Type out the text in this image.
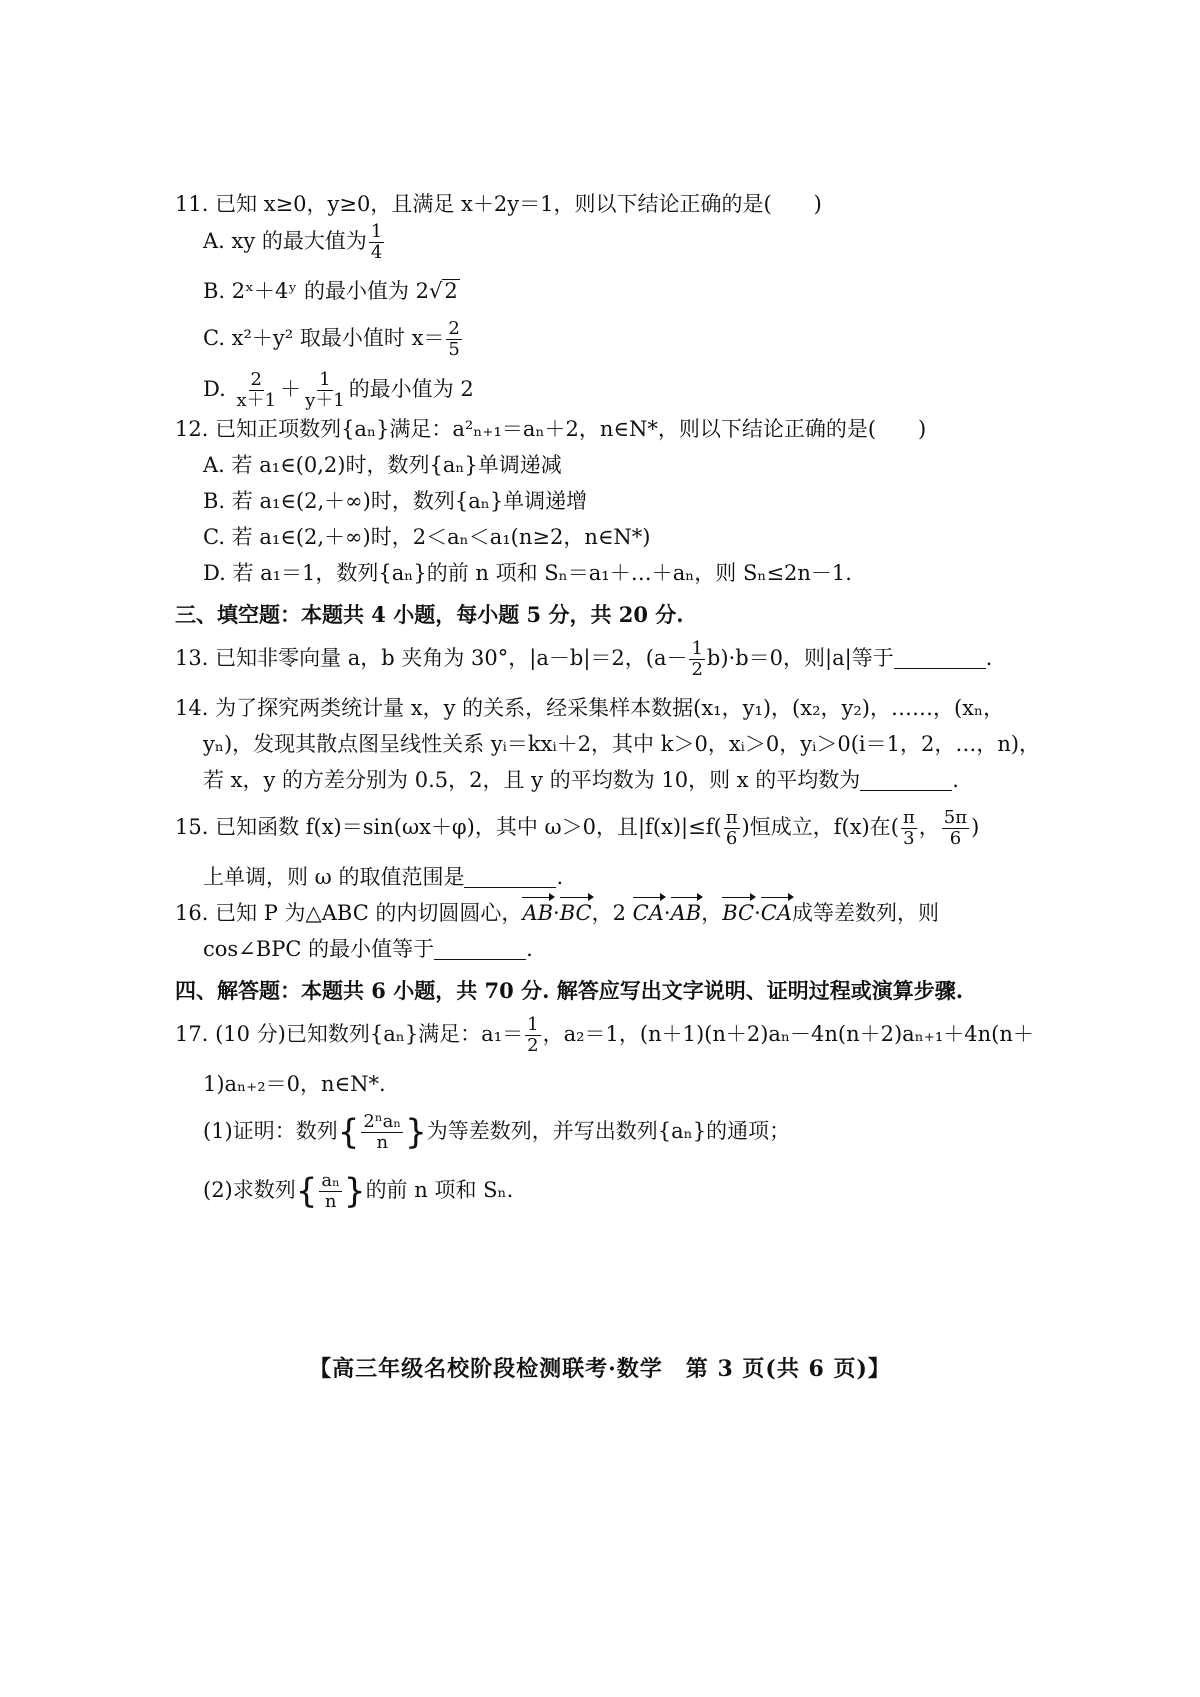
11. 已知 x≥0，y≥0，且满足 x＋2y＝1，则以下结论正确的是(　　)

A. xy 的最大值为 $\frac{1}{4}$

B. 2ˣ＋4ʸ 的最小值为 2√2

C. x²＋y² 取最小值时 $x= \frac{2}{5}$

D. $\frac{2}{x+1} + \frac{1}{y+1}$ 的最小值为 2

12. 已知正项数列{aₙ}满足：a²ₙ₊₁＝aₙ＋2，n∈N*，则以下结论正确的是(　　)

A. 若 a₁∈(0,2)时，数列{aₙ}单调递减

B. 若 a₁∈(2,＋∞)时，数列{aₙ}单调递增

C. 若 a₁∈(2,＋∞)时，2＜aₙ＜a₁(n≥2，n∈N*)

D. 若 a₁＝1，数列{aₙ}的前 n 项和 Sₙ＝a₁＋…＋aₙ，则 Sₙ≤2n－1.

三、填空题：本题共 4 小题，每小题 5 分，共 20 分.

13. 已知非零向量 a，b 夹角为 30°，|a－b|＝2，$(a- \frac{1}{2} b)\cdot b=0$，则|a|等于	.

14. 为了探究两类统计量 x，y 的关系，经采集样本数据(x₁，y₁)，(x₂，y₂)，……，(xₙ，

yₙ)，发现其散点图呈线性关系 yᵢ＝kxᵢ＋2，其中 k＞0，xᵢ＞0，yᵢ＞0(i＝1，2，…，n)，

若 x，y 的方差分别为 0.5，2，且 y 的平均数为 10，则 x 的平均数为	.

15. 已知函数 f(x)＝sin(ωx＋φ)，其中 ω＞0，且$|f(x)|\le f( \frac{\pi}{6}$ )恒成立，f(x)在( $\frac{\pi}{3}$ ， $\frac{5\pi}{6}$ )

上单调，则 ω 的取值范围是	.

16. 已知 P 为△ABC 的内切圆圆心，AB·BC，2 CA·AB，BC·CA成等差数列，则

cos∠BPC 的最小值等于	.

四、解答题：本题共 6 小题，共 70 分. 解答应写出文字说明、证明过程或演算步骤.

17. (10 分)已知数列{aₙ}满足：$a_1= \frac{1}{2}$ ，a₂＝1，(n＋1)(n＋2)aₙ－4n(n＋2)aₙ₊₁＋4n(n＋

1)aₙ₊₂＝0，n∈N*.

(1)证明：数列{ $\frac{\text{2ⁿaₙ}}{n}$ }为等差数列，并写出数列{aₙ}的通项；

(2)求数列{ $\frac{\text{aₙ}}{n}$ }的前 n 项和 Sₙ.

【高三年级名校阶段检测联考·数学　第 3 页(共 6 页)】
